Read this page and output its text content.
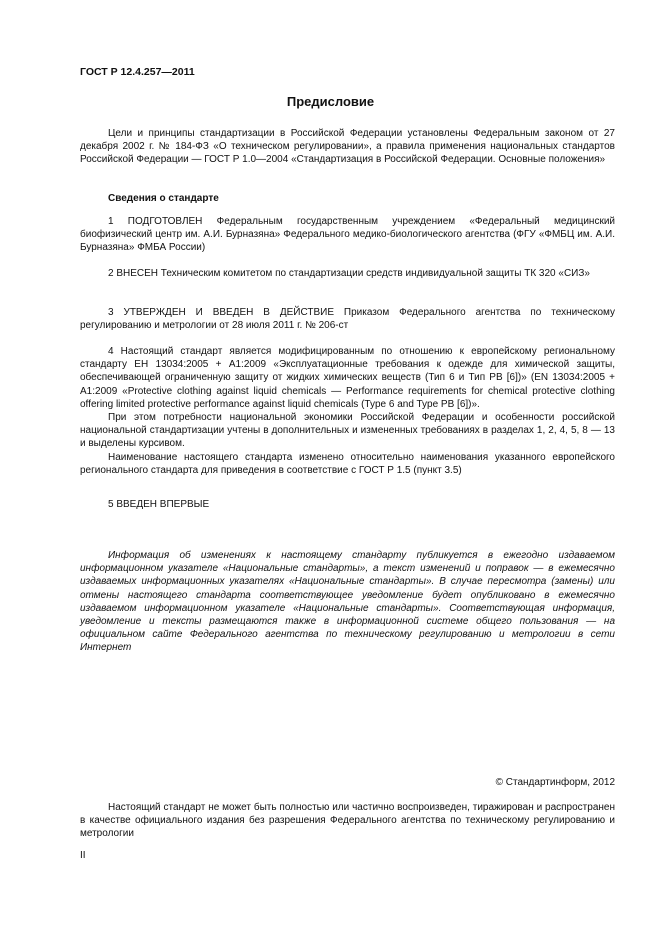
ГОСТ Р 12.4.257—2011
Предисловие

Цели и принципы стандартизации в Российской Федерации установлены Федеральным законом от 27 декабря 2002 г. № 184-ФЗ «О техническом регулировании», а правила применения национальных стандартов Российской Федерации — ГОСТ Р 1.0—2004 «Стандартизация в Российской Федерации. Основные положения»

Сведения о стандарте

1 ПОДГОТОВЛЕН Федеральным государственным учреждением «Федеральный медицинский биофизический центр им. А.И. Бурназяна» Федерального медико-биологического агентства (ФГУ «ФМБЦ им. А.И. Бурназяна» ФМБА России)

2 ВНЕСЕН Техническим комитетом по стандартизации средств индивидуальной защиты ТК 320 «СИЗ»

3 УТВЕРЖДЕН И ВВЕДЕН В ДЕЙСТВИЕ Приказом Федерального агентства по техническому регулированию и метрологии от 28 июля 2011 г. № 206-ст

4 Настоящий стандарт является модифицированным по отношению к европейскому региональному стандарту ЕН 13034:2005 + А1:2009 «Эксплуатационные требования к одежде для химической защиты, обеспечивающей ограниченную защиту от жидких химических веществ (Тип 6 и Тип PB [6])» (EN 13034:2005 + A1:2009 «Protective clothing against liquid chemicals — Performance requirements for chemical protective clothing offering limited protective performance against liquid chemicals (Type 6 and Type PB [6])».

При этом потребности национальной экономики Российской Федерации и особенности российской национальной стандартизации учтены в дополнительных и измененных требованиях в разделах 1, 2, 4, 5, 8 — 13 и выделены курсивом.

Наименование настоящего стандарта изменено относительно наименования указанного европейского регионального стандарта для приведения в соответствие с ГОСТ Р 1.5 (пункт 3.5)

5 ВВЕДЕН ВПЕРВЫЕ

Информация об изменениях к настоящему стандарту публикуется в ежегодно издаваемом информационном указателе «Национальные стандарты», а текст изменений и поправок — в ежемесячно издаваемых информационных указателях «Национальные стандарты». В случае пересмотра (замены) или отмены настоящего стандарта соответствующее уведомление будет опубликовано в ежемесячно издаваемом информационном указателе «Национальные стандарты». Соответствующая информация, уведомление и тексты размещаются также в информационной системе общего пользования — на официальном сайте Федерального агентства по техническому регулированию и метрологии в сети Интернет

© Стандартинформ, 2012

Настоящий стандарт не может быть полностью или частично воспроизведен, тиражирован и распространен в качестве официального издания без разрешения Федерального агентства по техническому регулированию и метрологии

II
